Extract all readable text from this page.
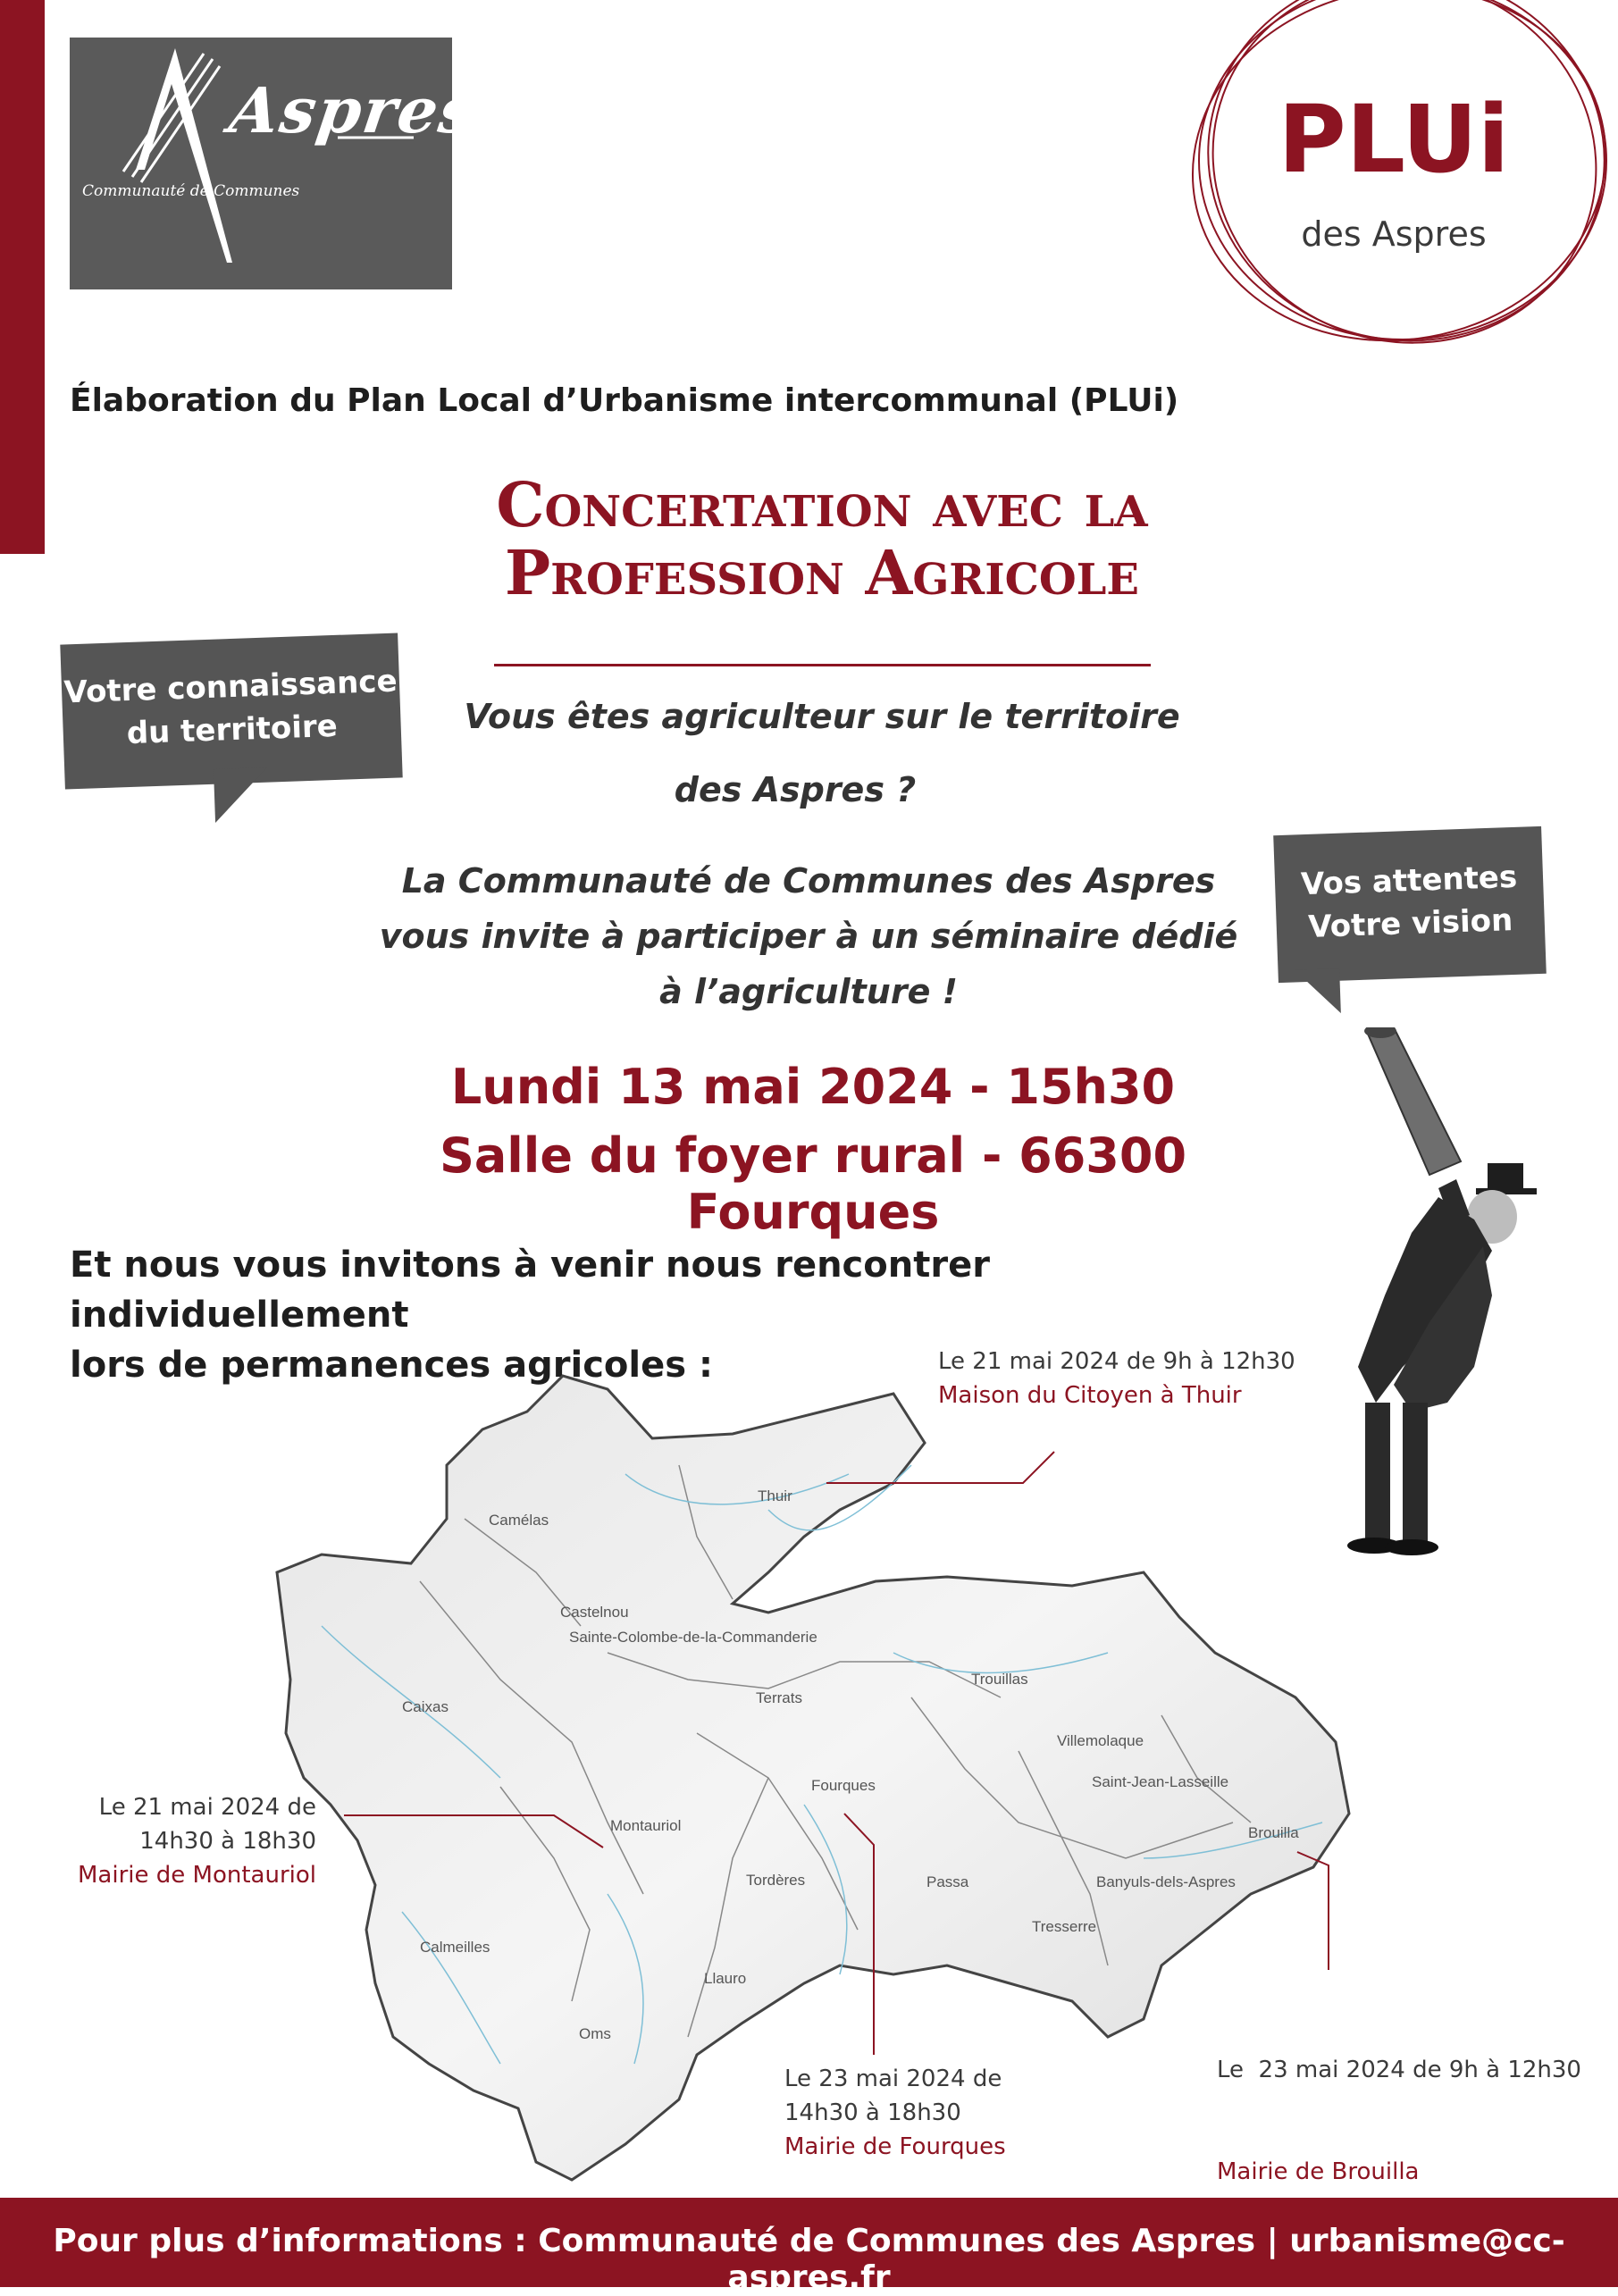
Aspres
Communauté de Communes	PLUi
des Aspres
Élaboration du Plan Local d’Urbanisme intercommunal (PLUi)
Concertation avec la
Profession Agricole
Votre connaissance
du territoire
Vos attentes
Votre vision
Vous êtes agriculteur sur le territoire
des Aspres ?
La Communauté de Communes des Aspres
vous invite à participer à un séminaire dédié
à l’agriculture !
Lundi 13 mai 2024 - 15h30
Salle du foyer rural - 66300 Fourques
Et nous vous invitons à venir nous rencontrer individuellement
lors de permanences agricoles :
Thuir
Camélas
Castelnou
Sainte-Colombe-de-la-Commanderie
Caixas
Terrats
Trouillas
Villemolaque
Saint-Jean-Lasseille
Fourques
Montauriol	Brouilla
Tordères	Passa	Banyuls-dels-Aspres
Tresserre
Calmeilles
Llauro
Oms
Le 21 mai 2024 de 9h à 12h30
Maison du Citoyen à Thuir
Le 21 mai 2024 de
14h30 à 18h30
Mairie de Montauriol
Le 23 mai 2024 de
14h30 à 18h30
Mairie de Fourques

Le  23 mai 2024 de 9h à 12h30

Mairie de Brouilla

Pour plus d’informations : Communauté de Communes des Aspres | urbanisme@cc-aspres.fr
